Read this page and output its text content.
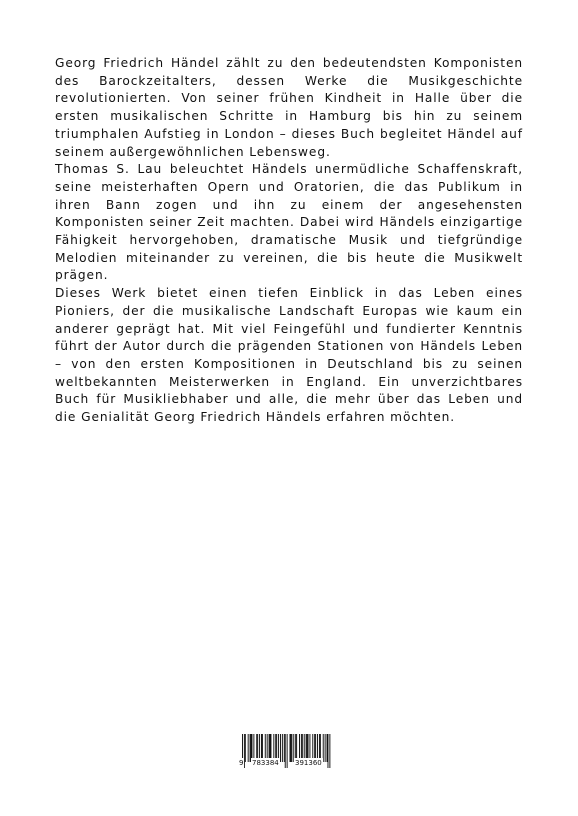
Georg Friedrich Händel zählt zu den bedeutendsten Komponisten des Barockzeitalters, dessen Werke die Musikgeschichte revolutionierten. Von seiner frühen Kindheit in Halle über die ersten musikalischen Schritte in Hamburg bis hin zu seinem triumphalen Aufstieg in London – dieses Buch begleitet Händel auf seinem außergewöhnlichen Lebensweg.

Thomas S. Lau beleuchtet Händels unermüdliche Schaffenskraft, seine meisterhaften Opern und Oratorien, die das Publikum in ihren Bann zogen und ihn zu einem der angesehensten Komponisten seiner Zeit machten. Dabei wird Händels einzigartige Fähigkeit hervorgehoben, dramatische Musik und tiefgründige Melodien miteinander zu vereinen, die bis heute die Musikwelt prägen.

Dieses Werk bietet einen tiefen Einblick in das Leben eines Pioniers, der die musikalische Landschaft Europas wie kaum ein anderer geprägt hat. Mit viel Feingefühl und fundierter Kenntnis führt der Autor durch die prägenden Stationen von Händels Leben – von den ersten Kompositionen in Deutschland bis zu seinen weltbekannten Meisterwerken in England. Ein unverzichtbares Buch für Musikliebhaber und alle, die mehr über das Leben und die Genialität Georg Friedrich Händels erfahren möchten.

9 783384 391360
